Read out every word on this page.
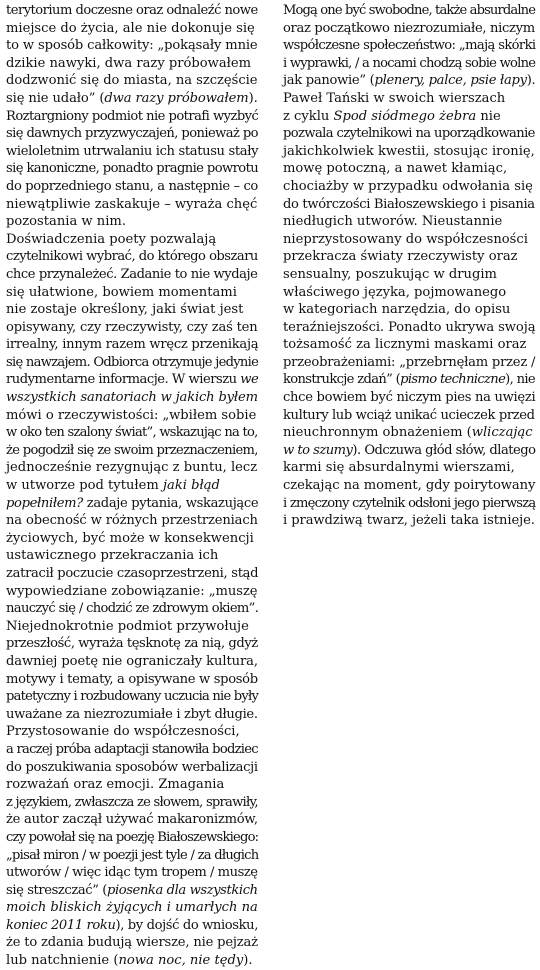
terytorium doczesne oraz odnaleźć nowe
miejsce do życia, ale nie dokonuje się
to w sposób całkowity: „pokąsały mnie
dzikie nawyki, dwa razy próbowałem
dodzwonić się do miasta, na szczęście
się nie udało” (dwa razy próbowałem).
Roztargniony podmiot nie potrafi wyzbyć
się dawnych przyzwyczajeń, ponieważ po
wieloletnim utrwalaniu ich statusu stały
się kanoniczne, ponadto pragnie powrotu
do poprzedniego stanu, a następnie – co
niewątpliwie zaskakuje – wyraża chęć
pozostania w nim.

Doświadczenia poety pozwalają
czytelnikowi wybrać, do którego obszaru
chce przynależeć. Zadanie to nie wydaje
się ułatwione, bowiem momentami
nie zostaje określony, jaki świat jest
opisywany, czy rzeczywisty, czy zaś ten
irrealny, innym razem wręcz przenikają
się nawzajem. Odbiorca otrzymuje jedynie
rudymentarne informacje. W wierszu we
wszystkich sanatoriach w jakich byłem
mówi o rzeczywistości: „wbiłem sobie
w oko ten szalony świat”, wskazując na to,
że pogodził się ze swoim przeznaczeniem,
jednocześnie rezygnując z buntu, lecz
w utworze pod tytułem jaki błąd
popełniłem? zadaje pytania, wskazujące
na obecność w różnych przestrzeniach
życiowych, być może w konsekwencji
ustawicznego przekraczania ich
zatracił poczucie czasoprzestrzeni, stąd
wypowiedziane zobowiązanie: „muszę
nauczyć się / chodzić ze zdrowym okiem”.

Niejednokrotnie podmiot przywołuje
przeszłość, wyraża tęsknotę za nią, gdyż
dawniej poetę nie ograniczały kultura,
motywy i tematy, a opisywane w sposób
patetyczny i rozbudowany uczucia nie były
uważane za niezrozumiałe i zbyt długie.

Przystosowanie do współczesności,
a raczej próba adaptacji stanowiła bodziec
do poszukiwania sposobów werbalizacji
rozważań oraz emocji. Zmagania
z językiem, zwłaszcza ze słowem, sprawiły,
że autor zaczął używać makaronizmów,
czy powołał się na poezję Białoszewskiego:
„pisał miron / w poezji jest tyle / za długich
utworów / więc idąc tym tropem / muszę
się streszczać” (piosenka dla wszystkich
moich bliskich żyjących i umarłych na
koniec 2011 roku), by dojść do wniosku,
że to zdania budują wiersze, nie pejzaż
lub natchnienie (nowa noc, nie tędy).

Mogą one być swobodne, także absurdalne
oraz początkowo niezrozumiałe, niczym
współczesne społeczeństwo: „mają skórki
i wyprawki, / a nocami chodzą sobie wolne
jak panowie” (plenery, palce, psie łapy).

Paweł Tański w swoich wierszach
z cyklu Spod siódmego żebra nie
pozwala czytelnikowi na uporządkowanie
jakichkolwiek kwestii, stosując ironię,
mowę potoczną, a nawet kłamiąc,
chociażby w przypadku odwołania się
do twórczości Białoszewskiego i pisania
niedługich utworów. Nieustannie
nieprzystosowany do współczesności
przekracza światy rzeczywisty oraz
sensualny, poszukując w drugim
właściwego języka, pojmowanego
w kategoriach narzędzia, do opisu
teraźniejszości. Ponadto ukrywa swoją
tożsamość za licznymi maskami oraz
przeobrażeniami: „przebrnęłam przez /
konstrukcje zdań” (pismo techniczne), nie
chce bowiem być niczym pies na uwięzi
kultury lub wciąż unikać ucieczek przed
nieuchronnym obnażeniem (wliczając
w to szumy). Odczuwa głód słów, dlatego
karmi się absurdalnymi wierszami,
czekając na moment, gdy poirytowany
i zmęczony czytelnik odsłoni jego pierwszą
i prawdziwą twarz, jeżeli taka istnieje.
